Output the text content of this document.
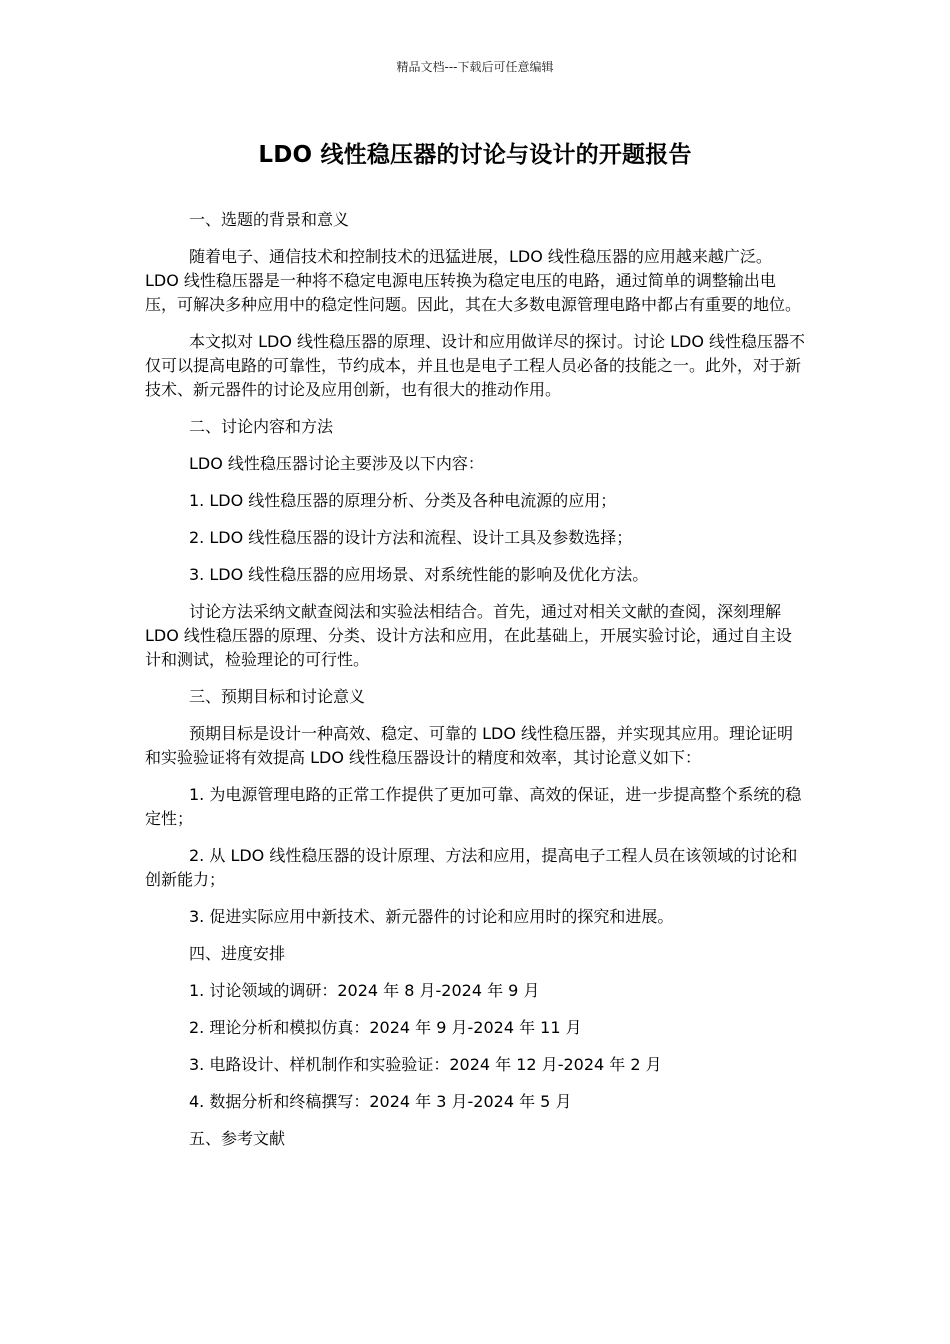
精品文档---下载后可任意编辑
LDO 线性稳压器的讨论与设计的开题报告

一、选题的背景和意义

随着电子、通信技术和控制技术的迅猛进展，LDO 线性稳压器的应用越来越广泛。LDO 线性稳压器是一种将不稳定电源电压转换为稳定电压的电路，通过简单的调整输出电压，可解决多种应用中的稳定性问题。因此，其在大多数电源管理电路中都占有重要的地位。

本文拟对 LDO 线性稳压器的原理、设计和应用做详尽的探讨。讨论 LDO 线性稳压器不仅可以提高电路的可靠性，节约成本，并且也是电子工程人员必备的技能之一。此外，对于新技术、新元器件的讨论及应用创新，也有很大的推动作用。

二、讨论内容和方法

LDO 线性稳压器讨论主要涉及以下内容：

1. LDO 线性稳压器的原理分析、分类及各种电流源的应用；

2. LDO 线性稳压器的设计方法和流程、设计工具及参数选择；

3. LDO 线性稳压器的应用场景、对系统性能的影响及优化方法。

讨论方法采纳文献查阅法和实验法相结合。首先，通过对相关文献的查阅，深刻理解 LDO 线性稳压器的原理、分类、设计方法和应用，在此基础上，开展实验讨论，通过自主设计和测试，检验理论的可行性。

三、预期目标和讨论意义

预期目标是设计一种高效、稳定、可靠的 LDO 线性稳压器，并实现其应用。理论证明和实验验证将有效提高 LDO 线性稳压器设计的精度和效率，其讨论意义如下：

1. 为电源管理电路的正常工作提供了更加可靠、高效的保证，进一步提高整个系统的稳定性；

2. 从 LDO 线性稳压器的设计原理、方法和应用，提高电子工程人员在该领域的讨论和创新能力；

3. 促进实际应用中新技术、新元器件的讨论和应用时的探究和进展。

四、进度安排

1. 讨论领域的调研：2024 年 8 月-2024 年 9 月

2. 理论分析和模拟仿真：2024 年 9 月-2024 年 11 月

3. 电路设计、样机制作和实验验证：2024 年 12 月-2024 年 2 月

4. 数据分析和终稿撰写：2024 年 3 月-2024 年 5 月

五、参考文献
